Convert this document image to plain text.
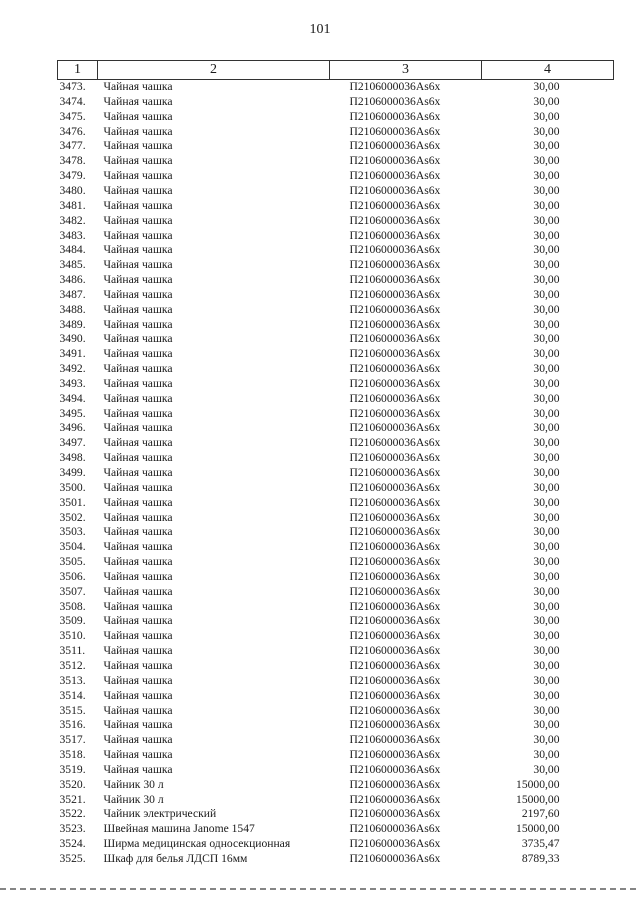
101
1	2	3	4
3473.	Чайная чашка	П2106000036Аs6х	30,00
3474.	Чайная чашка	П2106000036Аs6х	30,00
3475.	Чайная чашка	П2106000036Аs6х	30,00
3476.	Чайная чашка	П2106000036Аs6х	30,00
3477.	Чайная чашка	П2106000036Аs6х	30,00
3478.	Чайная чашка	П2106000036Аs6х	30,00
3479.	Чайная чашка	П2106000036Аs6х	30,00
3480.	Чайная чашка	П2106000036Аs6х	30,00
3481.	Чайная чашка	П2106000036Аs6х	30,00
3482.	Чайная чашка	П2106000036Аs6х	30,00
3483.	Чайная чашка	П2106000036Аs6х	30,00
3484.	Чайная чашка	П2106000036Аs6х	30,00
3485.	Чайная чашка	П2106000036Аs6х	30,00
3486.	Чайная чашка	П2106000036Аs6х	30,00
3487.	Чайная чашка	П2106000036Аs6х	30,00
3488.	Чайная чашка	П2106000036Аs6х	30,00
3489.	Чайная чашка	П2106000036Аs6х	30,00
3490.	Чайная чашка	П2106000036Аs6х	30,00
3491.	Чайная чашка	П2106000036Аs6х	30,00
3492.	Чайная чашка	П2106000036Аs6х	30,00
3493.	Чайная чашка	П2106000036Аs6х	30,00
3494.	Чайная чашка	П2106000036Аs6х	30,00
3495.	Чайная чашка	П2106000036Аs6х	30,00
3496.	Чайная чашка	П2106000036Аs6х	30,00
3497.	Чайная чашка	П2106000036Аs6х	30,00
3498.	Чайная чашка	П2106000036Аs6х	30,00
3499.	Чайная чашка	П2106000036Аs6х	30,00
3500.	Чайная чашка	П2106000036Аs6х	30,00
3501.	Чайная чашка	П2106000036Аs6х	30,00
3502.	Чайная чашка	П2106000036Аs6х	30,00
3503.	Чайная чашка	П2106000036Аs6х	30,00
3504.	Чайная чашка	П2106000036Аs6х	30,00
3505.	Чайная чашка	П2106000036Аs6х	30,00
3506.	Чайная чашка	П2106000036Аs6х	30,00
3507.	Чайная чашка	П2106000036Аs6х	30,00
3508.	Чайная чашка	П2106000036Аs6х	30,00
3509.	Чайная чашка	П2106000036Аs6х	30,00
3510.	Чайная чашка	П2106000036Аs6х	30,00
3511.	Чайная чашка	П2106000036Аs6х	30,00
3512.	Чайная чашка	П2106000036Аs6х	30,00
3513.	Чайная чашка	П2106000036Аs6х	30,00
3514.	Чайная чашка	П2106000036Аs6х	30,00
3515.	Чайная чашка	П2106000036Аs6х	30,00
3516.	Чайная чашка	П2106000036Аs6х	30,00
3517.	Чайная чашка	П2106000036Аs6х	30,00
3518.	Чайная чашка	П2106000036Аs6х	30,00
3519.	Чайная чашка	П2106000036Аs6х	30,00
3520.	Чайник 30 л	П2106000036Аs6х	15000,00
3521.	Чайник 30 л	П2106000036Аs6х	15000,00
3522.	Чайник электрический	П2106000036Аs6х	2197,60
3523.	Швейная машина Janome 1547	П2106000036Аs6х	15000,00
3524.	Ширма медицинская односекционная	П2106000036Аs6х	3735,47
3525.	Шкаф для белья ЛДСП 16мм	П2106000036Аs6х	8789,33
